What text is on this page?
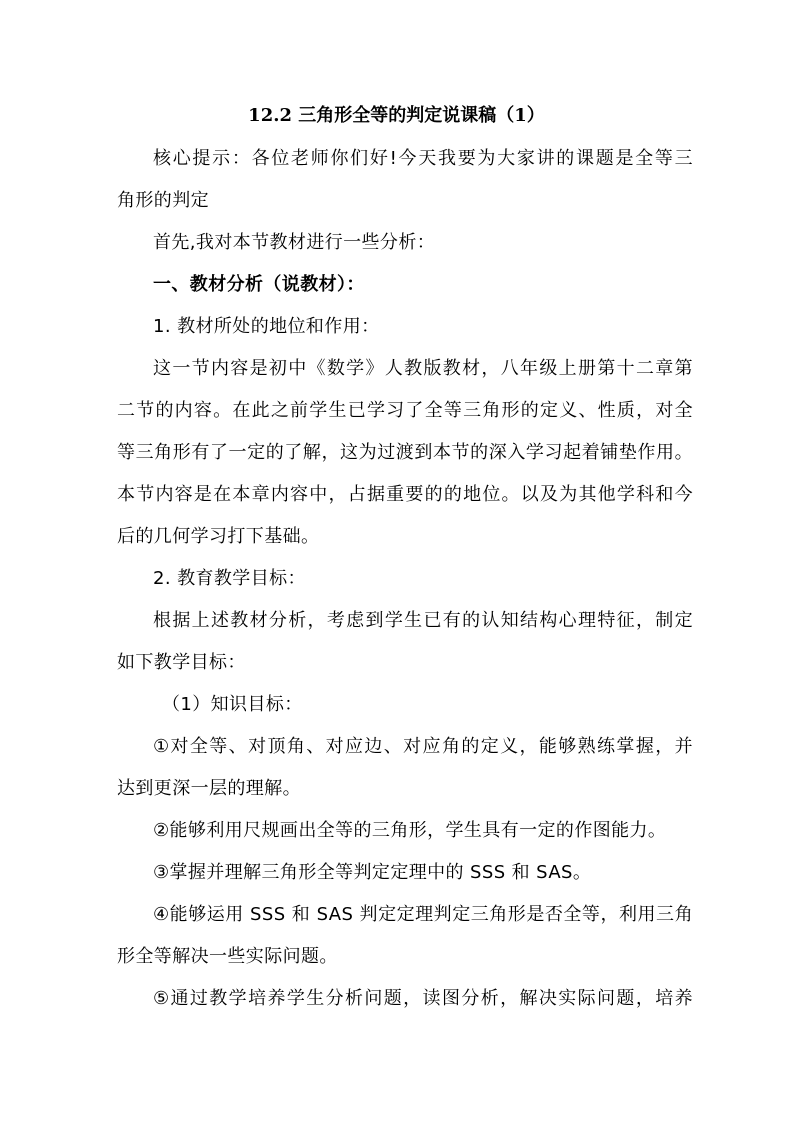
12.2 三角形全等的判定说课稿（1）
核心提示：各位老师你们好!今天我要为大家讲的课题是全等三
角形的判定
首先,我对本节教材进行一些分析：
一、教材分析（说教材）：
1. 教材所处的地位和作用：
这一节内容是初中《数学》人教版教材，八年级上册第十二章第
二节的内容。在此之前学生已学习了全等三角形的定义、性质，对全
等三角形有了一定的了解，这为过渡到本节的深入学习起着铺垫作用。
本节内容是在本章内容中，占据重要的的地位。以及为其他学科和今
后的几何学习打下基础。
2. 教育教学目标：
根据上述教材分析，考虑到学生已有的认知结构心理特征，制定
如下教学目标：
（1）知识目标：
①对全等、对顶角、对应边、对应角的定义，能够熟练掌握，并
达到更深一层的理解。
②能够利用尺规画出全等的三角形，学生具有一定的作图能力。
③掌握并理解三角形全等判定定理中的 SSS 和 SAS。
④能够运用 SSS 和 SAS 判定定理判定三角形是否全等，利用三角
形全等解决一些实际问题。
⑤通过教学培养学生分析问题，读图分析，解决实际问题，培养
